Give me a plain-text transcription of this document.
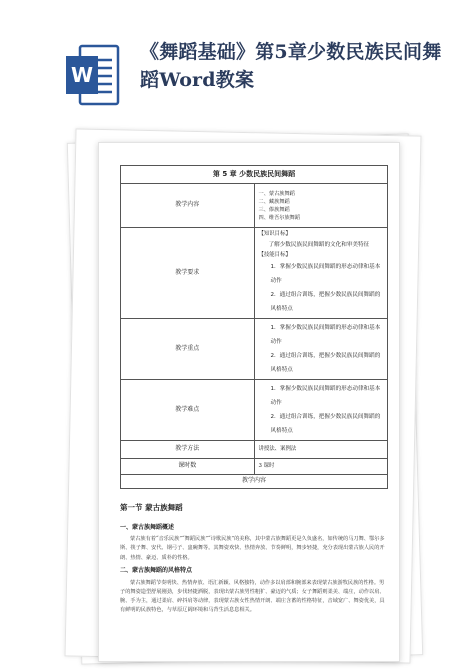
W
《舞蹈基础》第5章少数民族民间舞蹈Word教案
第 5 章 少数民族民间舞蹈	
教学内容	一、蒙古族舞蹈
二、藏族舞蹈
三、傣族舞蹈
四、维吾尔族舞蹈

教学要求	【知识目标】
了解少数民族民间舞蹈的文化和审美特征
【技能目标】
1．掌握少数民族民间舞蹈的形态动律和基本动作
2．通过组合训练，把握少数民族民间舞蹈的风格特点

教学重点	1．掌握少数民族民间舞蹈的形态动律和基本动作
2．通过组合训练，把握少数民族民间舞蹈的风格特点

教学难点	1．掌握少数民族民间舞蹈的形态动律和基本动作
2．通过组合训练，把握少数民族民间舞蹈的风格特点

教学方法	讲授法、案例法
课时数	3 课时
教学内容	
第一节 蒙古族舞蹈
一、蒙古族舞蹈概述

蒙古族有着“音乐民族”“舞蹈民族”“诗歌民族”的美称，其中蒙古族舞蹈更是久负盛名，如传统的马刀舞、鄂尔多斯、筷子舞、安代、钢弓子、盅碗舞等。其舞姿欢快、热情奔放、节奏鲜明，舞步轻捷，充分表现出蒙古族人民的开朗、热情、豪迈、质朴的性格。

二、蒙古族舞蹈的风格特点

蒙古族舞蹈节奏明快、热情奔放、语汇新颖、风格独特，动作多以肩部和腕部来表现蒙古族游牧民族的性格。男子的舞姿造型舒展刚劲，步伐轻捷洒脱，表现出蒙古族男性粗犷、豪迈的气质；女子舞蹈则柔美、端庄，动作以肩、腕、手为主，通过柔肩、碎抖肩等动律，表现蒙古族女性热情开朗、端庄含蓄的性格特征，音域宽广、舞姿优美，具有鲜明的民族特色，与草原辽阔环境和马背生活息息相关。
